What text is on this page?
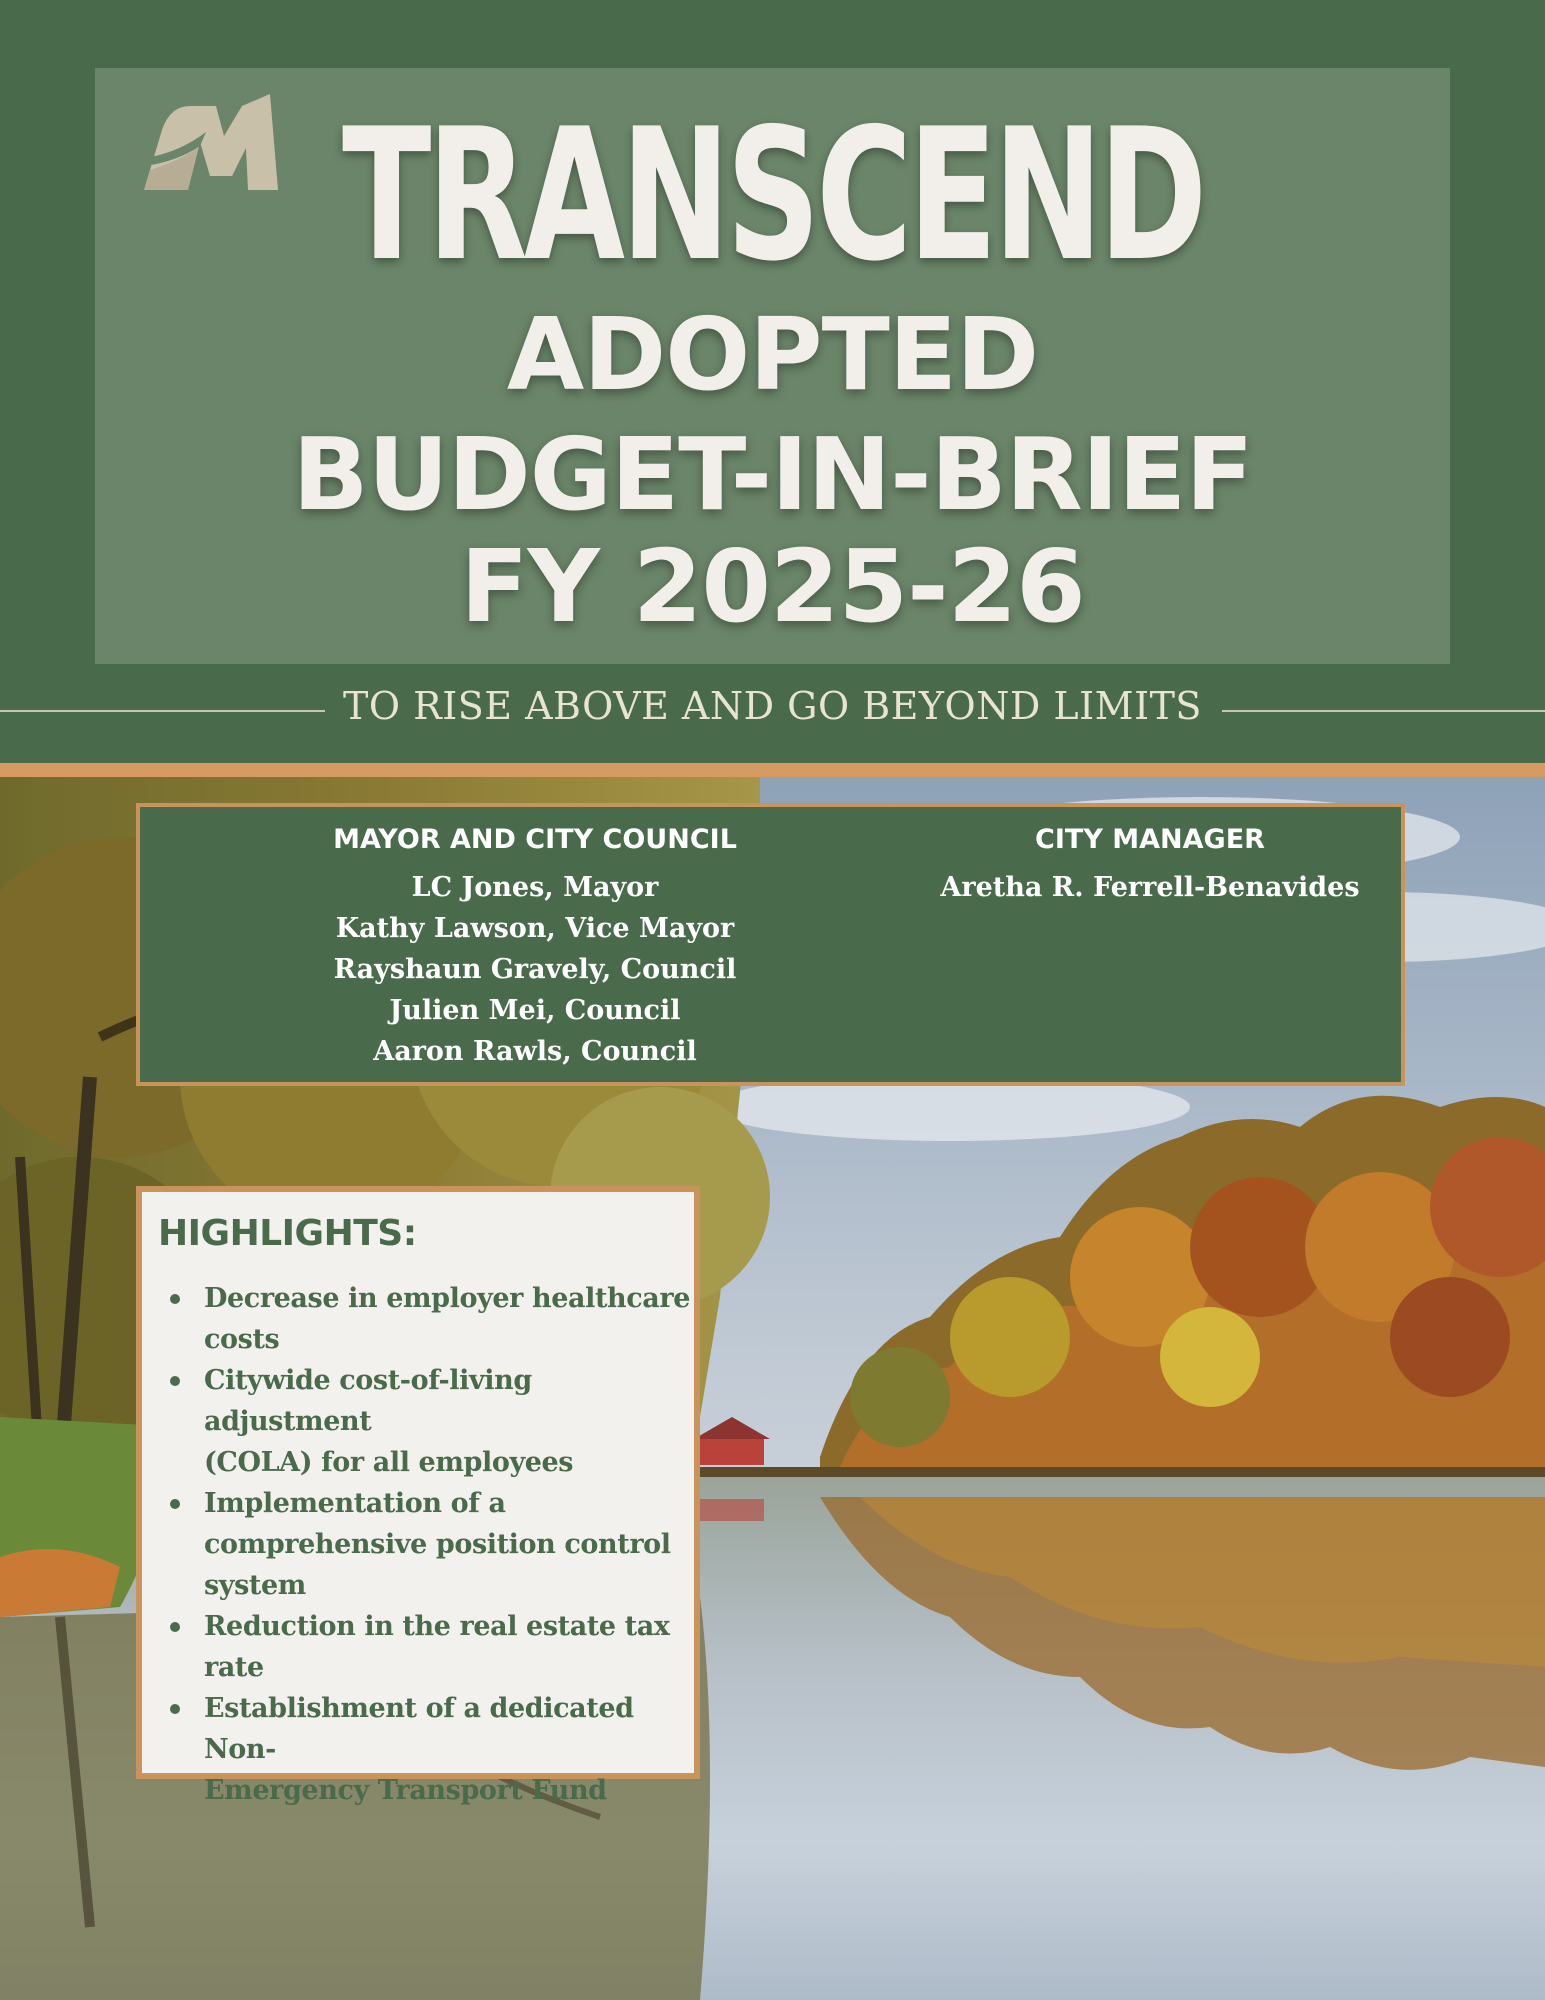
TRANSCEND
ADOPTED
BUDGET-IN-BRIEF
FY 2025-26
TO RISE ABOVE AND GO BEYOND LIMITS
MAYOR AND CITY COUNCIL
LC Jones, Mayor
Kathy Lawson, Vice Mayor
Rayshaun Gravely, Council
Julien Mei, Council
Aaron Rawls, Council
CITY MANAGER
Aretha R. Ferrell-Benavides
HIGHLIGHTS:
Decrease in employer healthcare
costs
Citywide cost-of-living adjustment
(COLA) for all employees
Implementation of a
comprehensive position control
system
Reduction in the real estate tax
rate
Establishment of a dedicated Non-
Emergency Transport Fund
